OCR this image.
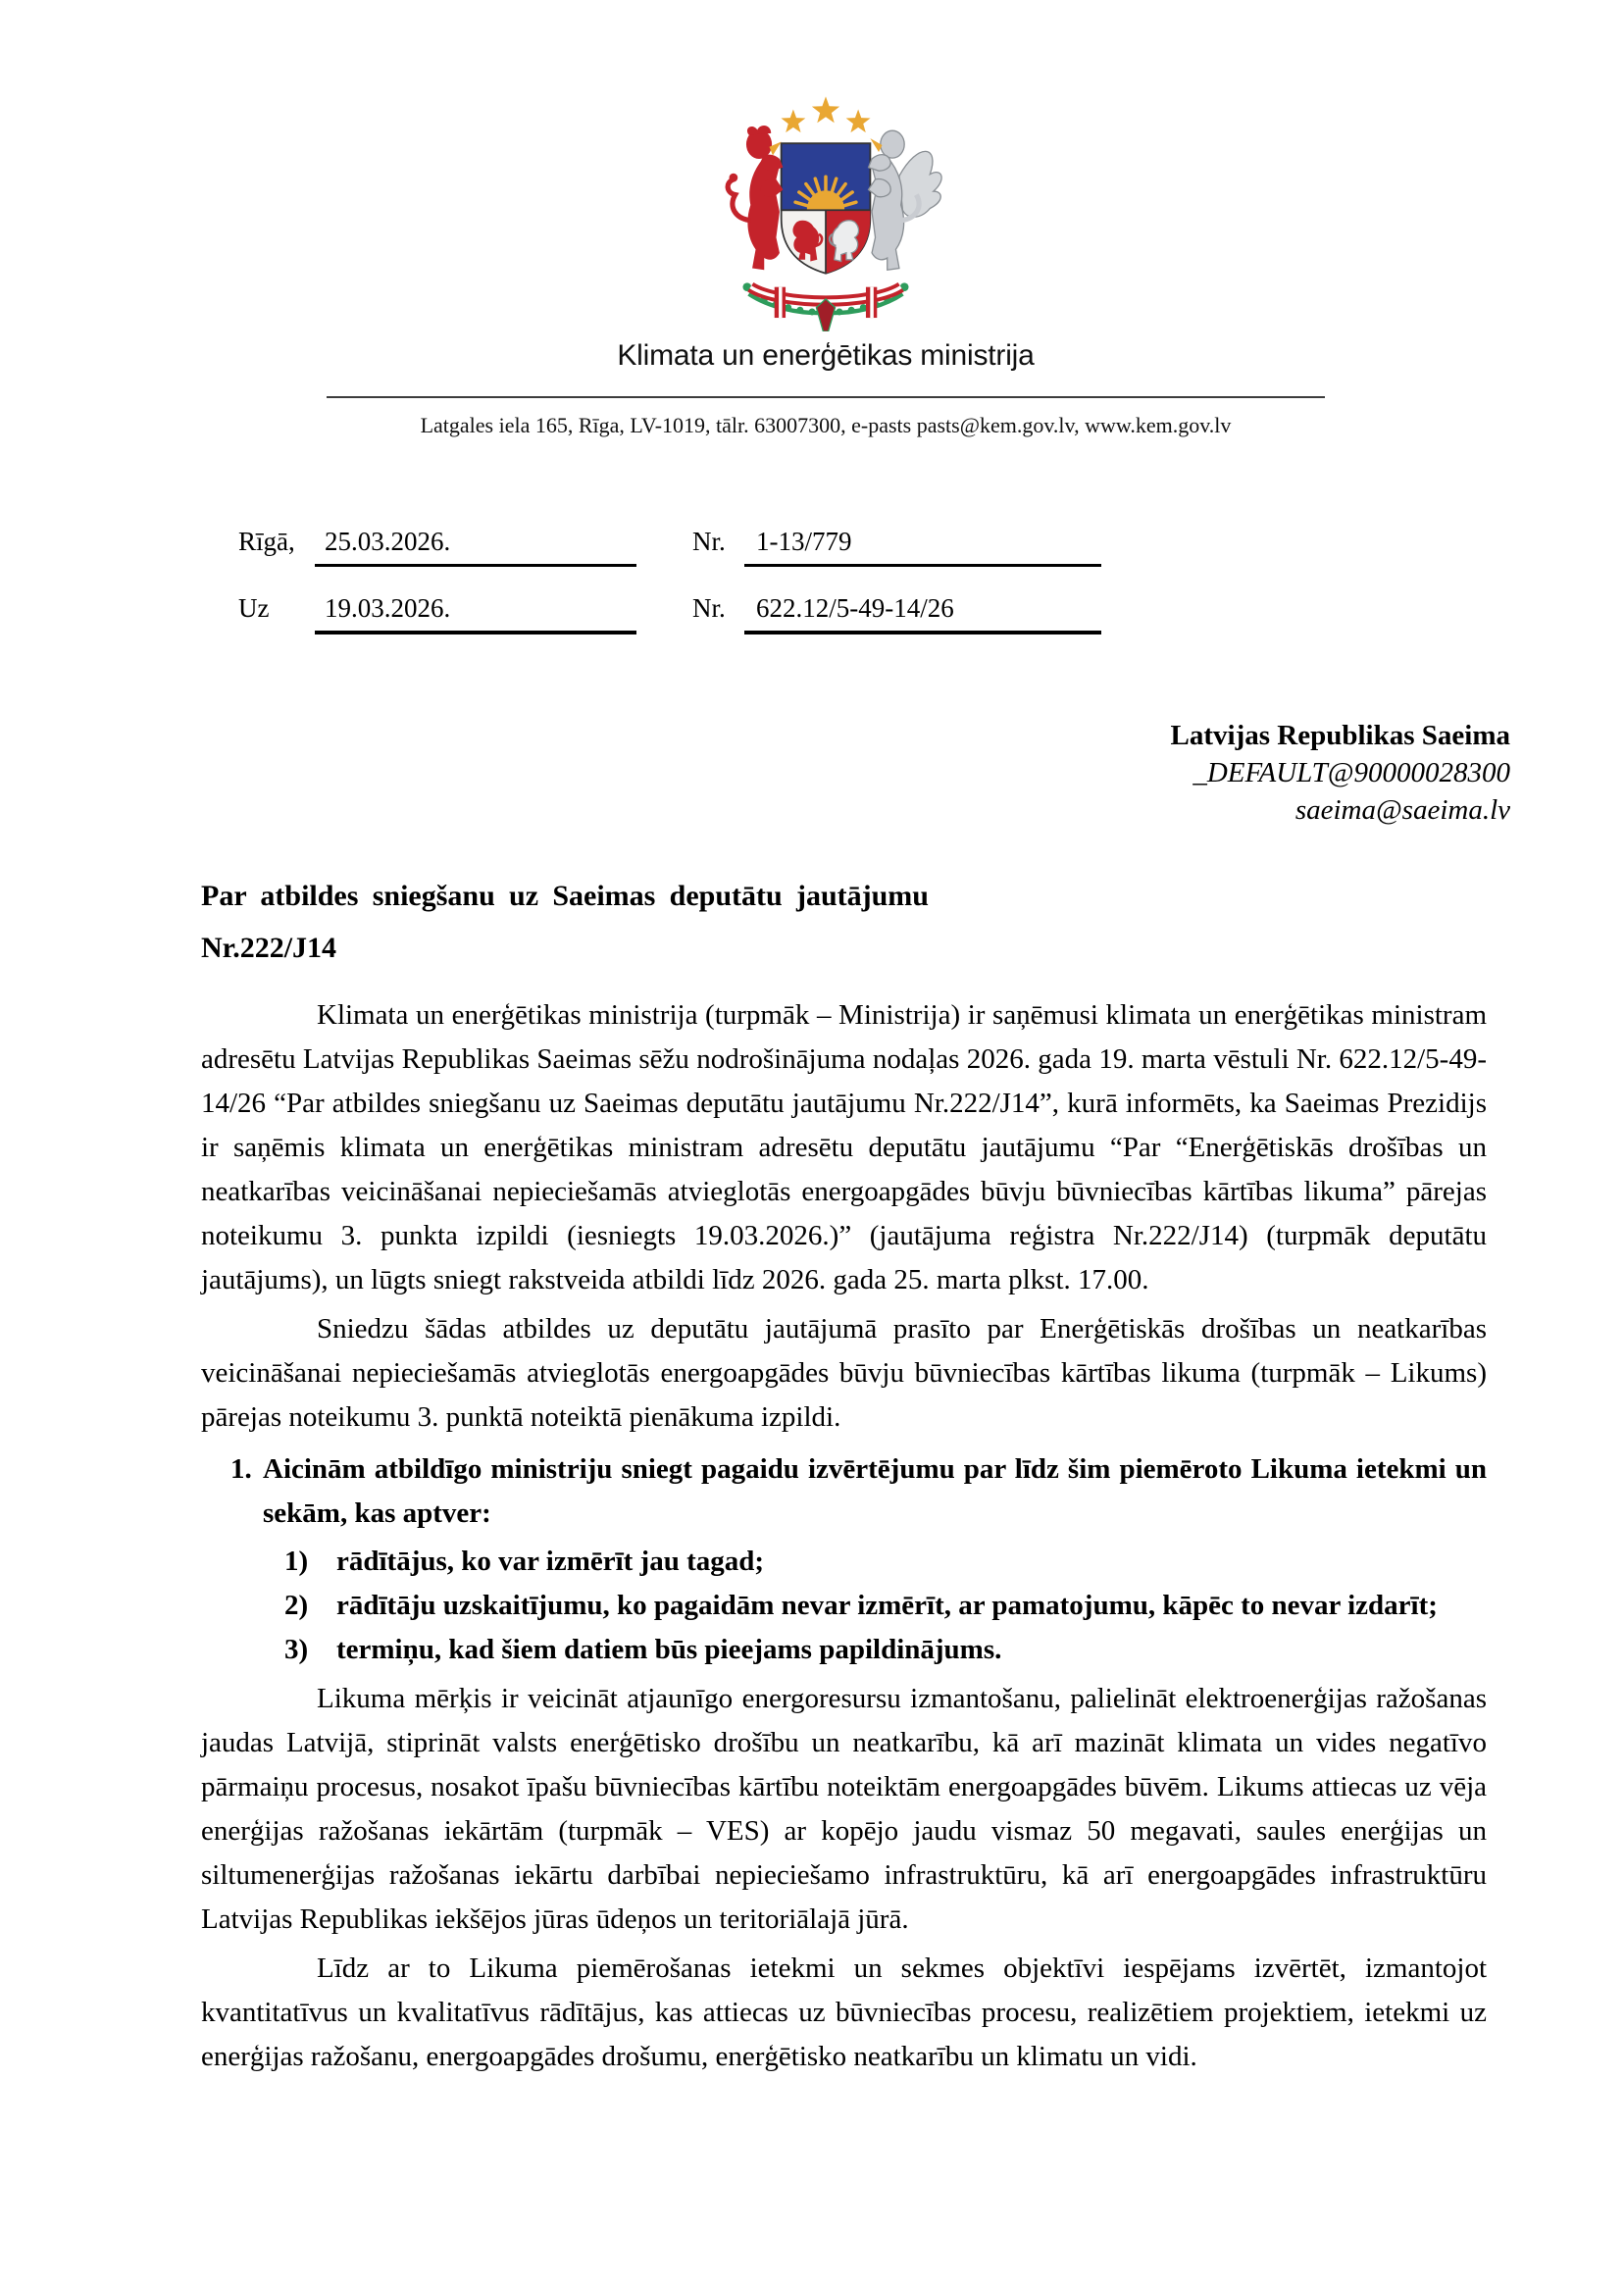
Klimata un enerģētikas ministrija
Latgales iela 165, Rīga, LV-1019, tālr. 63007300, e-pasts pasts@kem.gov.lv, www.kem.gov.lv
Rīgā,	25.03.2026.	Nr.	1-13/779
Uz	19.03.2026.	Nr.	622.12/5-49-14/26
Latvijas Republikas Saeima
_DEFAULT@90000028300
saeima@saeima.lv
Par atbildes sniegšanu uz Saeimas deputātu jautājumu Nr.222/J14

Klimata un enerģētikas ministrija (turpmāk – Ministrija) ir saņēmusi klimata un enerģētikas ministram adresētu Latvijas Republikas Saeimas sēžu nodrošinājuma nodaļas 2026. gada 19. marta vēstuli Nr. 622.12/5-49-14/26 “Par atbildes sniegšanu uz Saeimas deputātu jautājumu Nr.222/J14”, kurā informēts, ka Saeimas Prezidijs ir saņēmis klimata un enerģētikas ministram adresētu deputātu jautājumu “Par “Enerģētiskās drošības un neatkarības veicināšanai nepieciešamās atvieglotās energoapgādes būvju būvniecības kārtības likuma” pārejas noteikumu 3. punkta izpildi (iesniegts 19.03.2026.)” (jautājuma reģistra Nr.222/J14) (turpmāk deputātu jautājums), un lūgts sniegt rakstveida atbildi līdz 2026. gada 25. marta plkst. 17.00.

Sniedzu šādas atbildes uz deputātu jautājumā prasīto par Enerģētiskās drošības un neatkarības veicināšanai nepieciešamās atvieglotās energoapgādes būvju būvniecības kārtības likuma (turpmāk – Likums) pārejas noteikumu 3. punktā noteiktā pienākuma izpildi.

1. Aicinām atbildīgo ministriju sniegt pagaidu izvērtējumu par līdz šim piemēroto Likuma ietekmi un sekām, kas aptver:
1) rādītājus, ko var izmērīt jau tagad;
2) rādītāju uzskaitījumu, ko pagaidām nevar izmērīt, ar pamatojumu, kāpēc to nevar izdarīt;
3) termiņu, kad šiem datiem būs pieejams papildinājums.

Likuma mērķis ir veicināt atjaunīgo energoresursu izmantošanu, palielināt elektroenerģijas ražošanas jaudas Latvijā, stiprināt valsts enerģētisko drošību un neatkarību, kā arī mazināt klimata un vides negatīvo pārmaiņu procesus, nosakot īpašu būvniecības kārtību noteiktām energoapgādes būvēm. Likums attiecas uz vēja enerģijas ražošanas iekārtām (turpmāk – VES) ar kopējo jaudu vismaz 50 megavati, saules enerģijas un siltumenerģijas ražošanas iekārtu darbībai nepieciešamo infrastruktūru, kā arī energoapgādes infrastruktūru Latvijas Republikas iekšējos jūras ūdeņos un teritoriālajā jūrā.

Līdz ar to Likuma piemērošanas ietekmi un sekmes objektīvi iespējams izvērtēt, izmantojot kvantitatīvus un kvalitatīvus rādītājus, kas attiecas uz būvniecības procesu, realizētiem projektiem, ietekmi uz enerģijas ražošanu, energoapgādes drošumu, enerģētisko neatkarību un klimatu un vidi.
